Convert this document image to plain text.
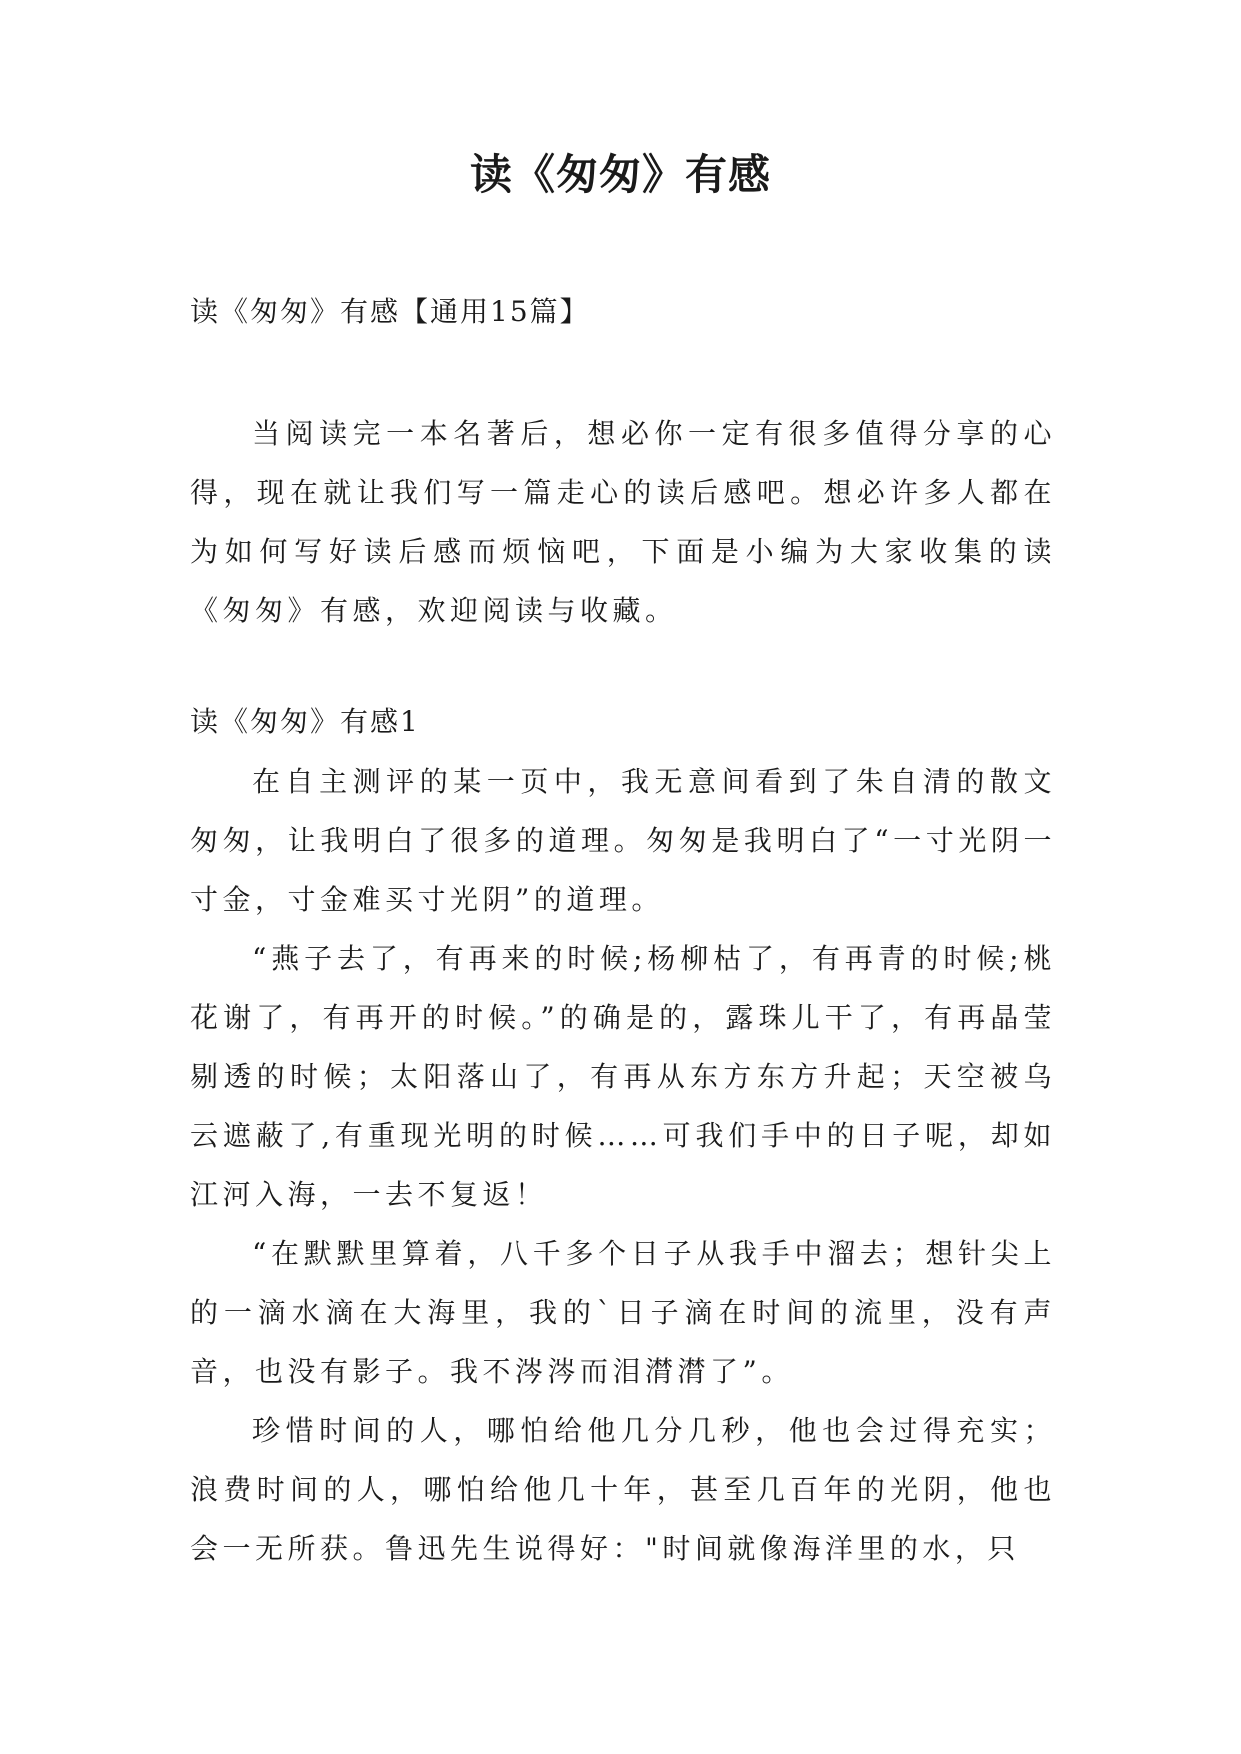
读《匆匆》有感
读《匆匆》有感【通用15篇】

当阅读完一本名著后，想必你一定有很多值得分享的心得，现在就让我们写一篇走心的读后感吧。想必许多人都在为如何写好读后感而烦恼吧，下面是小编为大家收集的读《匆匆》有感，欢迎阅读与收藏。

读《匆匆》有感1

在自主测评的某一页中，我无意间看到了朱自清的散文匆匆，让我明白了很多的道理。匆匆是我明白了“一寸光阴一寸金，寸金难买寸光阴”的道理。

“燕子去了，有再来的时候;杨柳枯了，有再青的时候;桃花谢了，有再开的时候。”的确是的，露珠儿干了，有再晶莹剔透的时候；太阳落山了，有再从东方东方升起；天空被乌云遮蔽了,有重现光明的时候……可我们手中的日子呢，却如江河入海，一去不复返！

“在默默里算着，八千多个日子从我手中溜去；想针尖上的一滴水滴在大海里，我的`日子滴在时间的流里，没有声音，也没有影子。我不涔涔而泪潸潸了”。

珍惜时间的人，哪怕给他几分几秒，他也会过得充实；浪费时间的人，哪怕给他几十年，甚至几百年的光阴，他也会一无所获。鲁迅先生说得好："时间就像海洋里的水，只
